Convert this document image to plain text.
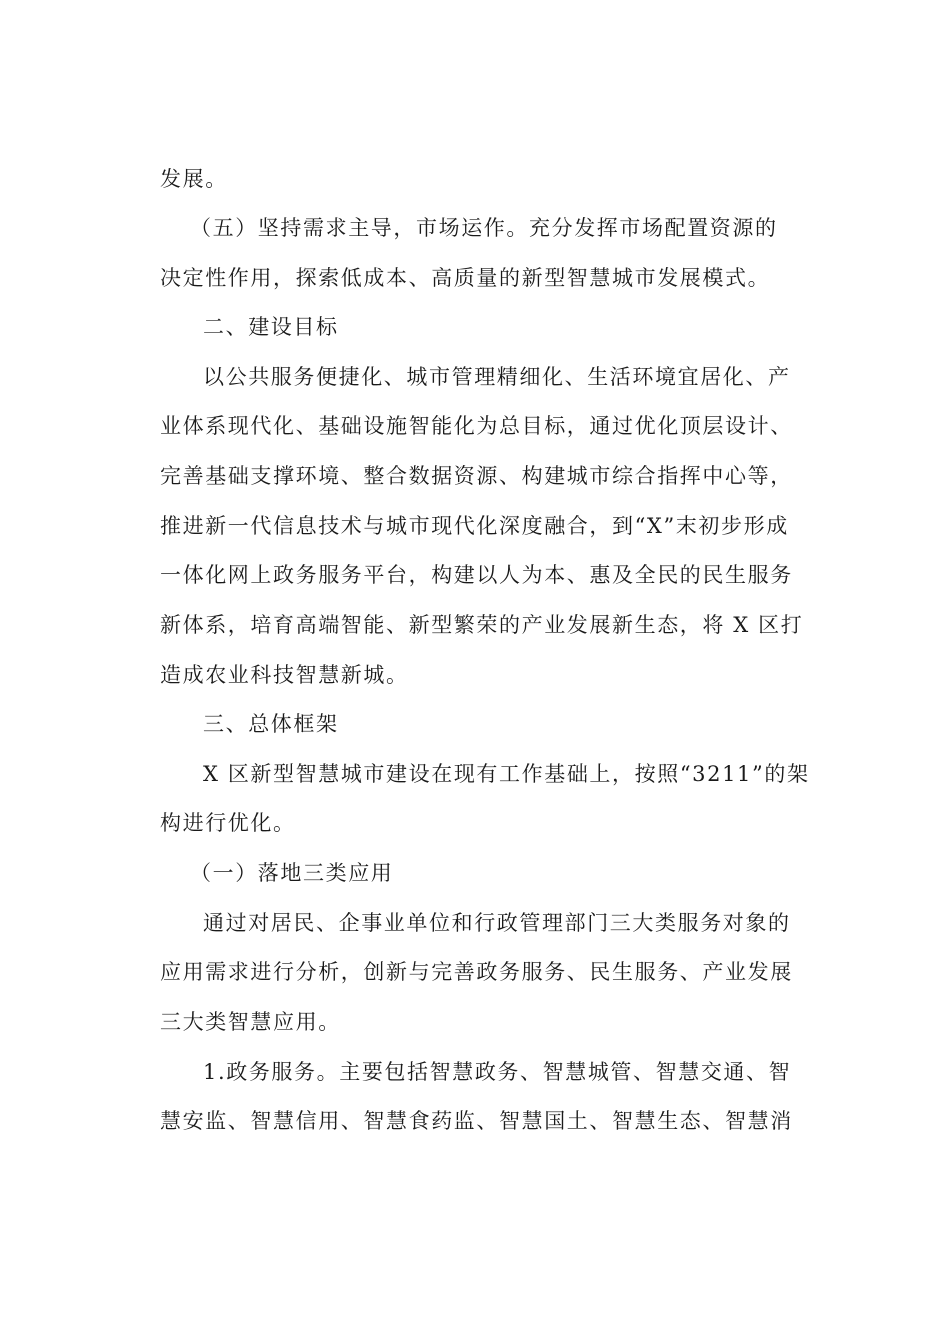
发展。
（五）坚持需求主导，市场运作。充分发挥市场配置资源的
决定性作用，探索低成本、高质量的新型智慧城市发展模式。
二、建设目标
以公共服务便捷化、城市管理精细化、生活环境宜居化、产
业体系现代化、基础设施智能化为总目标，通过优化顶层设计、
完善基础支撑环境、整合数据资源、构建城市综合指挥中心等，
推进新一代信息技术与城市现代化深度融合，到“X”末初步形成
一体化网上政务服务平台，构建以人为本、惠及全民的民生服务
新体系，培育高端智能、新型繁荣的产业发展新生态，将 X 区打
造成农业科技智慧新城。
三、总体框架
X 区新型智慧城市建设在现有工作基础上，按照“3211”的架
构进行优化。
（一）落地三类应用
通过对居民、企事业单位和行政管理部门三大类服务对象的
应用需求进行分析，创新与完善政务服务、民生服务、产业发展
三大类智慧应用。
1.政务服务。主要包括智慧政务、智慧城管、智慧交通、智
慧安监、智慧信用、智慧食药监、智慧国土、智慧生态、智慧消
